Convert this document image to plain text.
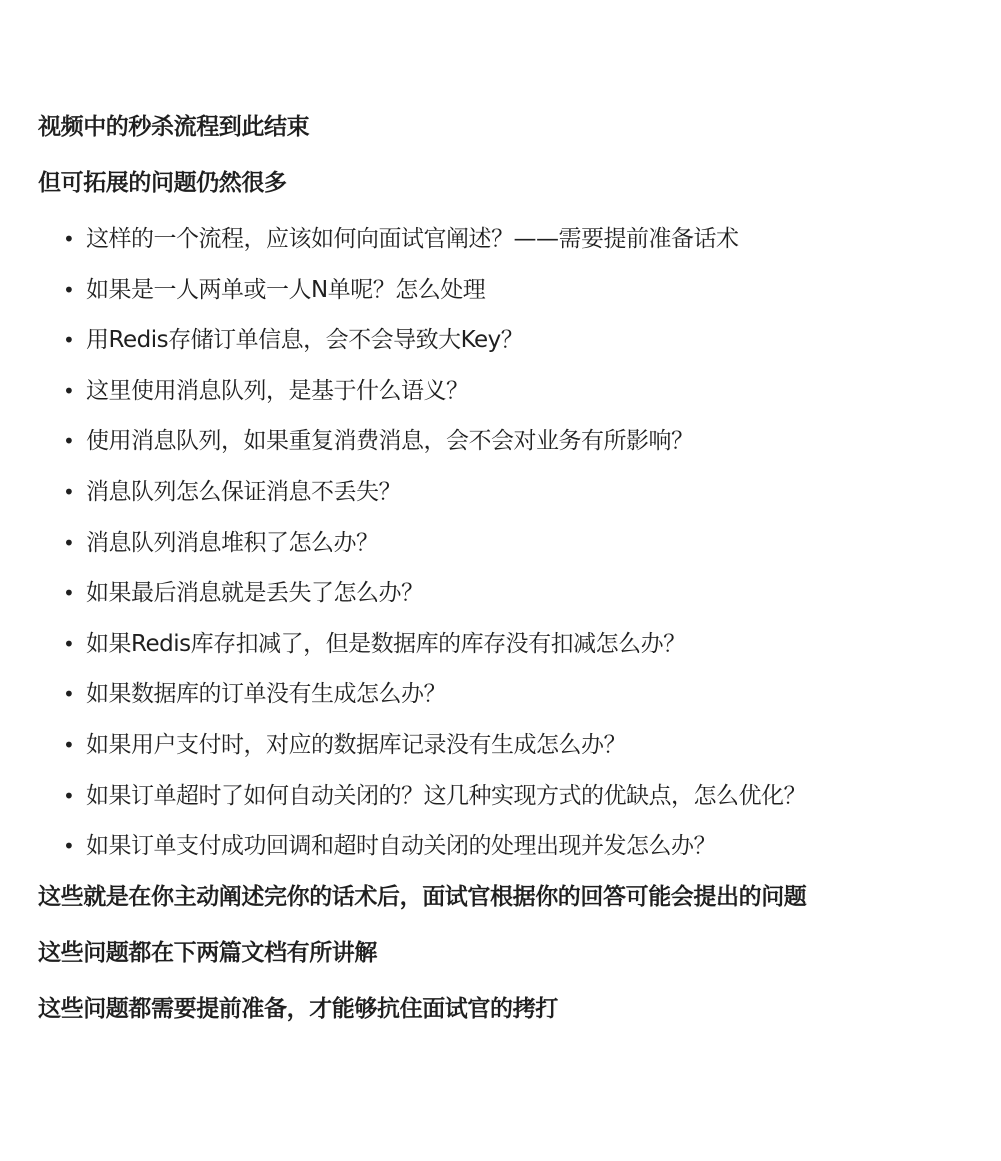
视频中的秒杀流程到此结束
但可拓展的问题仍然很多
• 这样的一个流程，应该如何向面试官阐述？——需要提前准备话术
• 如果是一人两单或一人N单呢？怎么处理
• 用Redis存储订单信息，会不会导致大Key？
• 这里使用消息队列，是基于什么语义？
• 使用消息队列，如果重复消费消息，会不会对业务有所影响？
• 消息队列怎么保证消息不丢失？
• 消息队列消息堆积了怎么办？
• 如果最后消息就是丢失了怎么办？
• 如果Redis库存扣减了，但是数据库的库存没有扣减怎么办？
• 如果数据库的订单没有生成怎么办？
• 如果用户支付时，对应的数据库记录没有生成怎么办？
• 如果订单超时了如何自动关闭的？这几种实现方式的优缺点，怎么优化？
• 如果订单支付成功回调和超时自动关闭的处理出现并发怎么办？
这些就是在你主动阐述完你的话术后，面试官根据你的回答可能会提出的问题
这些问题都在下两篇文档有所讲解
这些问题都需要提前准备，才能够抗住面试官的拷打
